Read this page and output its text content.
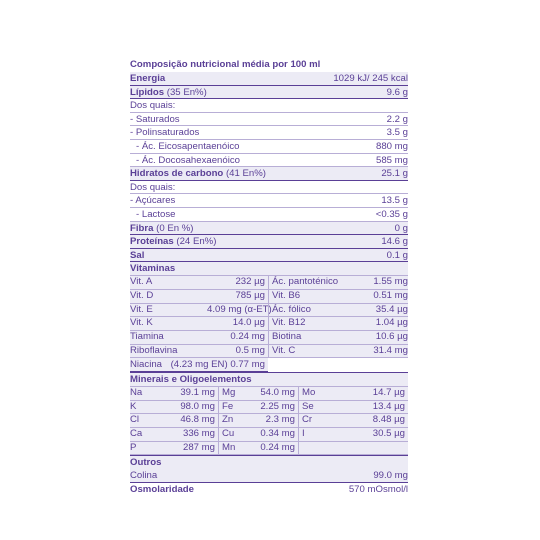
Composição nutricional média por 100 ml
Energia	1029 kJ/ 245 kcal
Lípidos (35 En%)	9.6 g
Dos quais:
- Saturados	2.2 g
- Polinsaturados	3.5 g
- Ác. Eicosapentaenóico	880 mg
- Ác. Docosahexaenóico	585 mg
Hidratos de carbono (41 En%)	25.1 g
Dos quais:
- Açúcares	13.5 g
- Lactose	<0.35 g
Fibra (0 En %)	0 g
Proteínas (24 En%)	14.6 g
Sal	0.1 g
Vitaminas
Vit. A	232 µg Ác. pantoténico	1.55 mg
Vit. D	785 µg Vit. B6	0.51 mg
Vit. E	4.09 mg (α-ET) Ác. fólico	35.4 µg
Vit. K	14.0 µg Vit. B12	1.04 µg
Tiamina	0.24 mg Biotina	10.6 µg
Riboflavina	0.5 mg Vit. C	31.4 mg
Niacina (4.23 mg EN) 0.77 mg
Minerais e Oligoelementos
Na	39.1 mg Mg	54.0 mg Mo	14.7 µg
K	98.0 mg Fe	2.25 mg Se	13.4 µg
Cl	46.8 mg Zn	2.3 mg Cr	8.48 µg
Ca	336 mg Cu	0.34 mg I	30.5 µg
P	287 mg Mn	0.24 mg
Outros
Colina	99.0 mg
Osmolaridade	570 mOsmol/l
